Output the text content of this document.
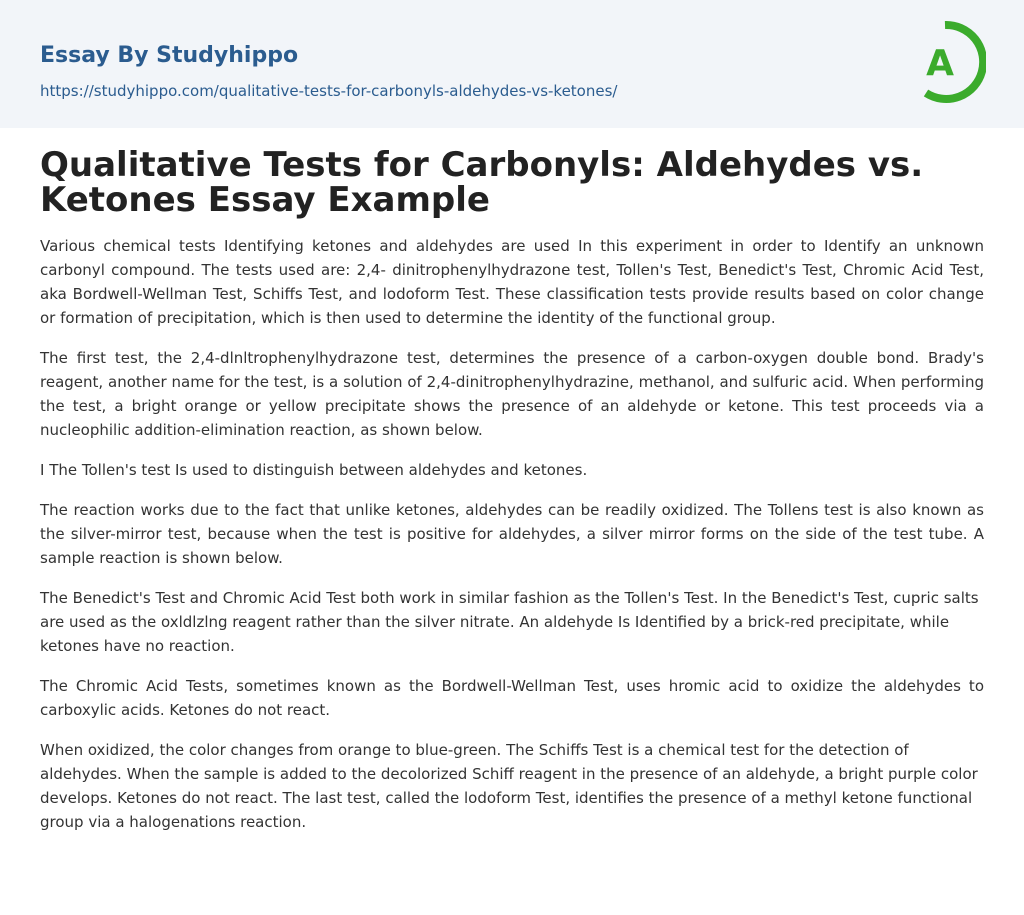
Essay By Studyhippo
https://studyhippo.com/qualitative-tests-for-carbonyls-aldehydes-vs-ketones/
A
Qualitative Tests for Carbonyls: Aldehydes vs. Ketones Essay Example

Various chemical tests Identifying ketones and aldehydes are used In this experiment in order to Identify an unknown carbonyl compound. The tests used are: 2,4- dinitrophenylhydrazone test, Tollen's Test, Benedict's Test, Chromic Acid Test, aka Bordwell-Wellman Test, Schiffs Test, and lodoform Test. These classification tests provide results based on color change or formation of precipitation, which is then used to determine the identity of the functional group.

The first test, the 2,4-dlnltrophenylhydrazone test, determines the presence of a carbon-oxygen double bond. Brady's reagent, another name for the test, is a solution of 2,4-dinitrophenylhydrazine, methanol, and sulfuric acid. When performing the test, a bright orange or yellow precipitate shows the presence of an aldehyde or ketone. This test proceeds via a nucleophilic addition-elimination reaction, as shown below.

I The Tollen's test Is used to distinguish between aldehydes and ketones.

The reaction works due to the fact that unlike ketones, aldehydes can be readily oxidized. The Tollens test is also known as the silver-mirror test, because when the test is positive for aldehydes, a silver mirror forms on the side of the test tube. A sample reaction is shown below.

The Benedict's Test and Chromic Acid Test both work in similar fashion as the Tollen's Test. In the Benedict's Test, cupric salts are used as the oxldlzlng reagent rather than the silver nitrate. An aldehyde Is Identified by a brick-red precipitate, while ketones have no reaction.

The Chromic Acid Tests, sometimes known as the Bordwell-Wellman Test, uses hromic acid to oxidize the aldehydes to carboxylic acids. Ketones do not react.

When oxidized, the color changes from orange to blue-green. The Schiffs Test is a chemical test for the detection of aldehydes. When the sample is added to the decolorized Schiff reagent in the presence of an aldehyde, a bright purple color develops. Ketones do not react. The last test, called the lodoform Test, identifies the presence of a methyl ketone functional group via a halogenations reaction.
